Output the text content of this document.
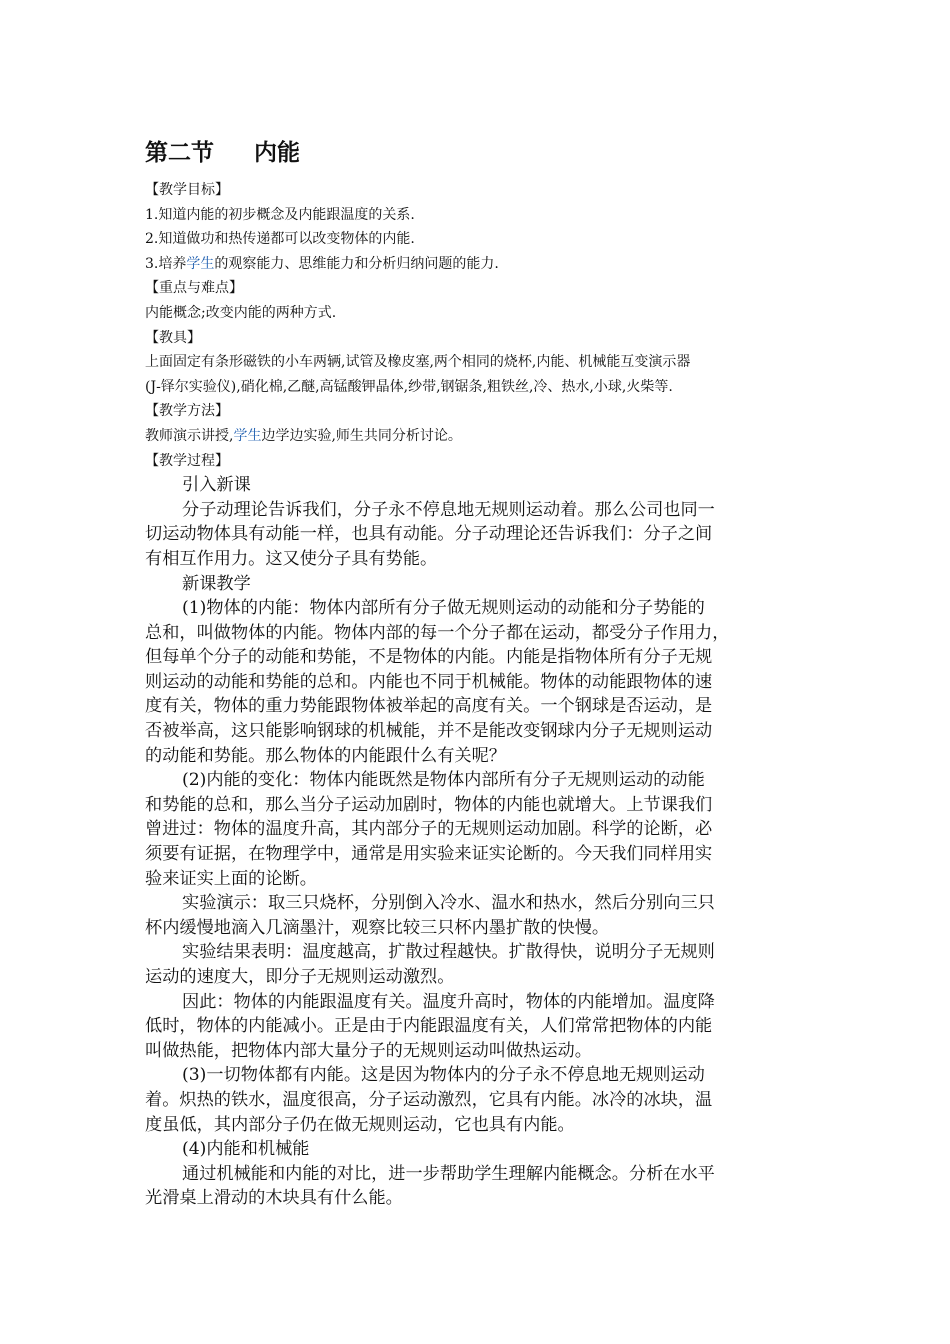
第二节 内能
【教学目标】
1.知道内能的初步概念及内能跟温度的关系.
2.知道做功和热传递都可以改变物体的内能.
3.培养学生的观察能力、思维能力和分析归纳问题的能力.
【重点与难点】
内能概念;改变内能的两种方式.
【教具】
上面固定有条形磁铁的小车两辆,试管及橡皮塞,两个相同的烧杯,内能、机械能互变演示器
(J-铎尔实验仪),硝化棉,乙醚,高锰酸钾晶体,纱带,钢锯条,粗铁丝,冷、热水,小球,火柴等.
【教学方法】
教师演示讲授,学生边学边实验,师生共同分析讨论。
【教学过程】

引入新课

分子动理论告诉我们，分子永不停息地无规则运动着。那么公司也同一
切运动物体具有动能一样，也具有动能。分子动理论还告诉我们：分子之间
有相互作用力。这又使分子具有势能。

新课教学

(1)物体的内能：物体内部所有分子做无规则运动的动能和分子势能的
总和，叫做物体的内能。物体内部的每一个分子都在运动，都受分子作用力，
但每单个分子的动能和势能，不是物体的内能。内能是指物体所有分子无规
则运动的动能和势能的总和。内能也不同于机械能。物体的动能跟物体的速
度有关，物体的重力势能跟物体被举起的高度有关。一个钢球是否运动，是
否被举高，这只能影响钢球的机械能，并不是能改变钢球内分子无规则运动
的动能和势能。那么物体的内能跟什么有关呢？

(2)内能的变化：物体内能既然是物体内部所有分子无规则运动的动能
和势能的总和，那么当分子运动加剧时，物体的内能也就增大。上节课我们
曾进过：物体的温度升高，其内部分子的无规则运动加剧。科学的论断，必
须要有证据，在物理学中，通常是用实验来证实论断的。今天我们同样用实
验来证实上面的论断。

实验演示：取三只烧杯，分别倒入冷水、温水和热水，然后分别向三只
杯内缓慢地滴入几滴墨汁，观察比较三只杯内墨扩散的快慢。

实验结果表明：温度越高，扩散过程越快。扩散得快，说明分子无规则
运动的速度大，即分子无规则运动激烈。

因此：物体的内能跟温度有关。温度升高时，物体的内能增加。温度降
低时，物体的内能减小。正是由于内能跟温度有关，人们常常把物体的内能
叫做热能，把物体内部大量分子的无规则运动叫做热运动。

(3)一切物体都有内能。这是因为物体内的分子永不停息地无规则运动
着。炽热的铁水，温度很高，分子运动激烈，它具有内能。冰冷的冰块，温
度虽低，其内部分子仍在做无规则运动，它也具有内能。

(4)内能和机械能

通过机械能和内能的对比，进一步帮助学生理解内能概念。分析在水平
光滑桌上滑动的木块具有什么能。
